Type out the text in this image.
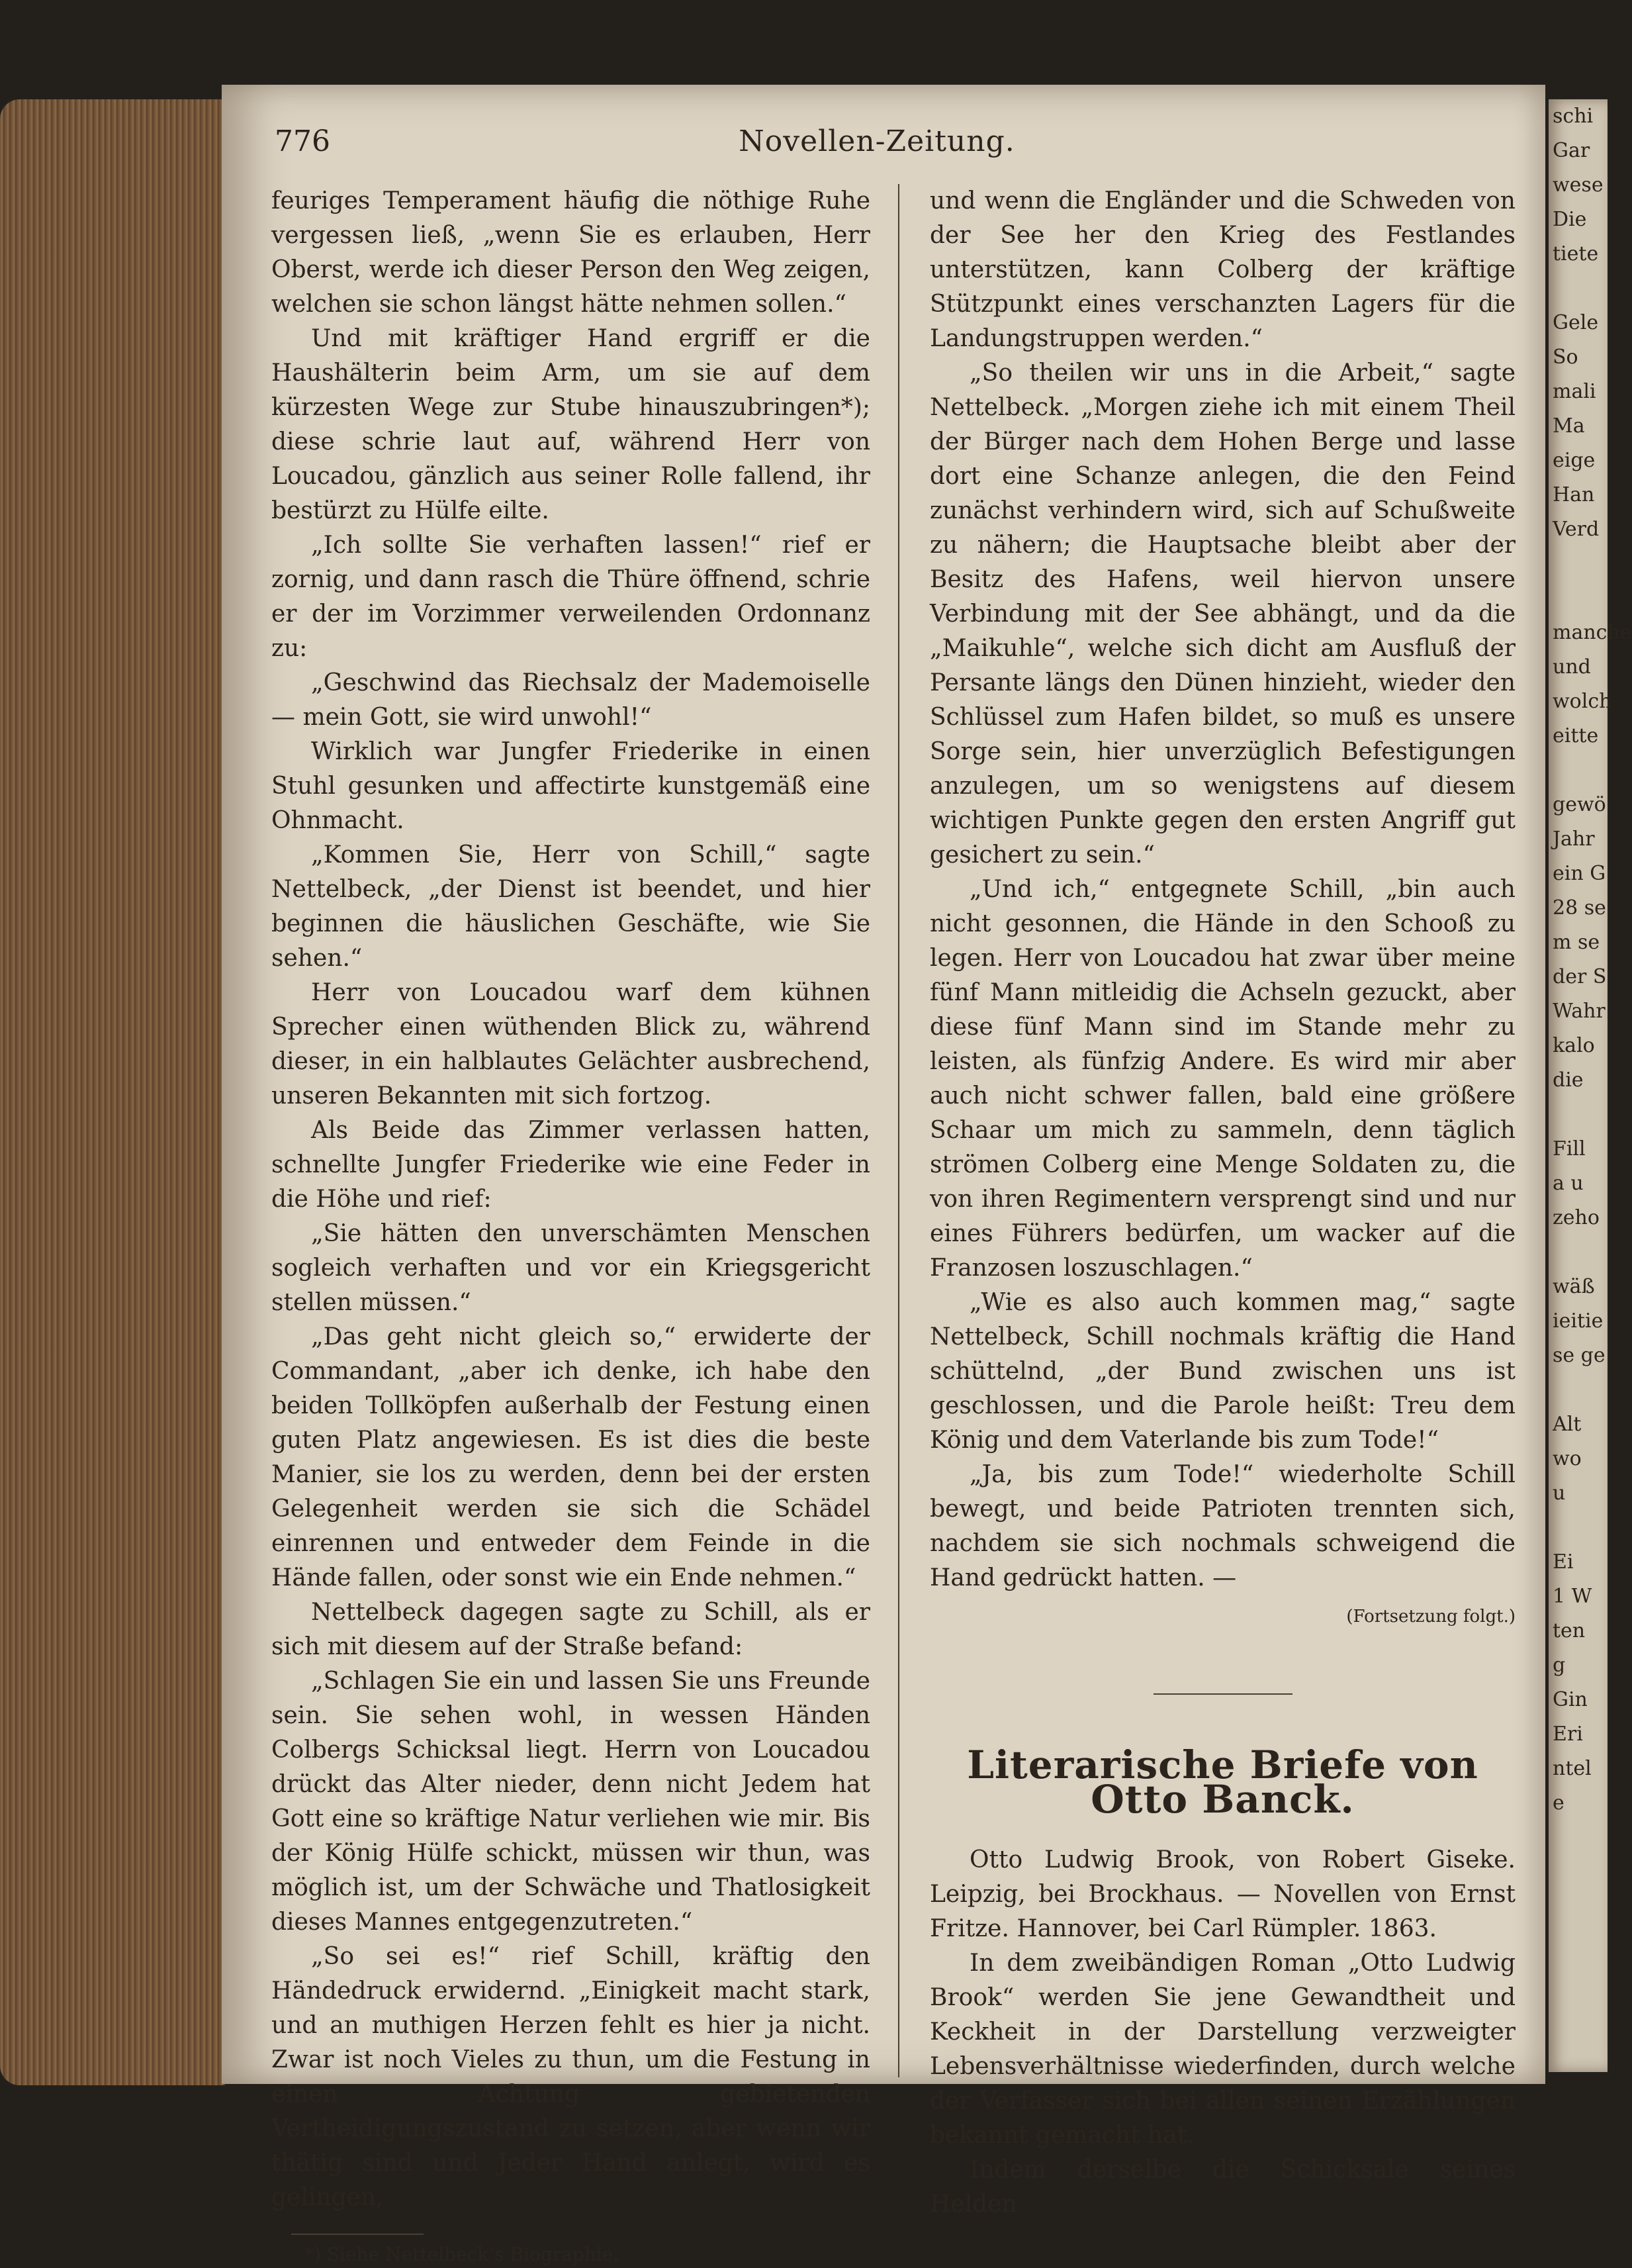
776	Novellen-Zeitung.

feuriges Temperament häufig die nöthige Ruhe vergessen ließ, „wenn Sie es erlauben, Herr Oberst, werde ich dieser Person den Weg zeigen, welchen sie schon längst hätte nehmen sollen.“

Und mit kräftiger Hand ergriff er die Haushälterin beim Arm, um sie auf dem kürzesten Wege zur Stube hinauszubringen*); diese schrie laut auf, während Herr von Loucadou, gänzlich aus seiner Rolle fallend, ihr bestürzt zu Hülfe eilte.

„Ich sollte Sie verhaften lassen!“ rief er zornig, und dann rasch die Thüre öffnend, schrie er der im Vorzimmer verweilenden Ordonnanz zu:

„Geschwind das Riechsalz der Mademoiselle — mein Gott, sie wird unwohl!“

Wirklich war Jungfer Friederike in einen Stuhl gesunken und affectirte kunstgemäß eine Ohnmacht.

„Kommen Sie, Herr von Schill,“ sagte Nettelbeck, „der Dienst ist beendet, und hier beginnen die häuslichen Geschäfte, wie Sie sehen.“

Herr von Loucadou warf dem kühnen Sprecher einen wüthenden Blick zu, während dieser, in ein halblautes Gelächter ausbrechend, unseren Bekannten mit sich fortzog.

Als Beide das Zimmer verlassen hatten, schnellte Jungfer Friederike wie eine Feder in die Höhe und rief:

„Sie hätten den unverschämten Menschen sogleich verhaften und vor ein Kriegsgericht stellen müssen.“

„Das geht nicht gleich so,“ erwiderte der Commandant, „aber ich denke, ich habe den beiden Tollköpfen außerhalb der Festung einen guten Platz angewiesen. Es ist dies die beste Manier, sie los zu werden, denn bei der ersten Gelegenheit werden sie sich die Schädel einrennen und entweder dem Feinde in die Hände fallen, oder sonst wie ein Ende nehmen.“

Nettelbeck dagegen sagte zu Schill, als er sich mit diesem auf der Straße befand:

„Schlagen Sie ein und lassen Sie uns Freunde sein. Sie sehen wohl, in wessen Händen Colbergs Schicksal liegt. Herrn von Loucadou drückt das Alter nieder, denn nicht Jedem hat Gott eine so kräftige Natur verliehen wie mir. Bis der König Hülfe schickt, müssen wir thun, was möglich ist, um der Schwäche und Thatlosigkeit dieses Mannes entgegenzutreten.“

„So sei es!“ rief Schill, kräftig den Händedruck erwidernd. „Einigkeit macht stark, und an muthigen Herzen fehlt es hier ja nicht. Zwar ist noch Vieles zu thun, um die Festung in einen Achtung gebietenden Vertheidigungszustand zu setzen, aber wenn wir thätig sind und Jeder Hand anlegt, wird es gelingen,

*) Siehe Nettelbeck’s Biographie.

und wenn die Engländer und die Schweden von der See her den Krieg des Festlandes unterstützen, kann Colberg der kräftige Stützpunkt eines verschanzten Lagers für die Landungstruppen werden.“

„So theilen wir uns in die Arbeit,“ sagte Nettelbeck. „Morgen ziehe ich mit einem Theil der Bürger nach dem Hohen Berge und lasse dort eine Schanze anlegen, die den Feind zunächst verhindern wird, sich auf Schußweite zu nähern; die Hauptsache bleibt aber der Besitz des Hafens, weil hiervon unsere Verbindung mit der See abhängt, und da die „Maikuhle“, welche sich dicht am Ausfluß der Persante längs den Dünen hinzieht, wieder den Schlüssel zum Hafen bildet, so muß es unsere Sorge sein, hier unverzüglich Befestigungen anzulegen, um so wenigstens auf diesem wichtigen Punkte gegen den ersten Angriff gut gesichert zu sein.“

„Und ich,“ entgegnete Schill, „bin auch nicht gesonnen, die Hände in den Schooß zu legen. Herr von Loucadou hat zwar über meine fünf Mann mitleidig die Achseln gezuckt, aber diese fünf Mann sind im Stande mehr zu leisten, als fünfzig Andere. Es wird mir aber auch nicht schwer fallen, bald eine größere Schaar um mich zu sammeln, denn täglich strömen Colberg eine Menge Soldaten zu, die von ihren Regimentern versprengt sind und nur eines Führers bedürfen, um wacker auf die Franzosen loszuschlagen.“

„Wie es also auch kommen mag,“ sagte Nettelbeck, Schill nochmals kräftig die Hand schüttelnd, „der Bund zwischen uns ist geschlossen, und die Parole heißt: Treu dem König und dem Vaterlande bis zum Tode!“

„Ja, bis zum Tode!“ wiederholte Schill bewegt, und beide Patrioten trennten sich, nachdem sie sich nochmals schweigend die Hand gedrückt hatten. —

(Fortsetzung folgt.)
Literarische Briefe von Otto Banck.

Otto Ludwig Brook, von Robert Giseke. Leipzig, bei Brockhaus. — Novellen von Ernst Fritze. Hannover, bei Carl Rümpler. 1863.

In dem zweibändigen Roman „Otto Ludwig Brook“ werden Sie jene Gewandtheit und Keckheit in der Darstellung verzweigter Lebensverhältnisse wiederfinden, durch welche der Verfasser sich bei allen seinen Erzählungen bekannt gemacht hat.

Indem derselbe die Schicksale seines Helden

schi
Gar
wese
Die
tiete

Gele
So
mali
Ma
eige
Han
Verd

manche
und
wolch
eitte

gewö
Jahr
ein G
28 se
m se
der S
Wahr
kalo
die

Fill
a u
zeho

wäß
ieitie
se ge

Alt
wo
u

Ei
1 W
ten
g
Gin
Eri
ntel
e
